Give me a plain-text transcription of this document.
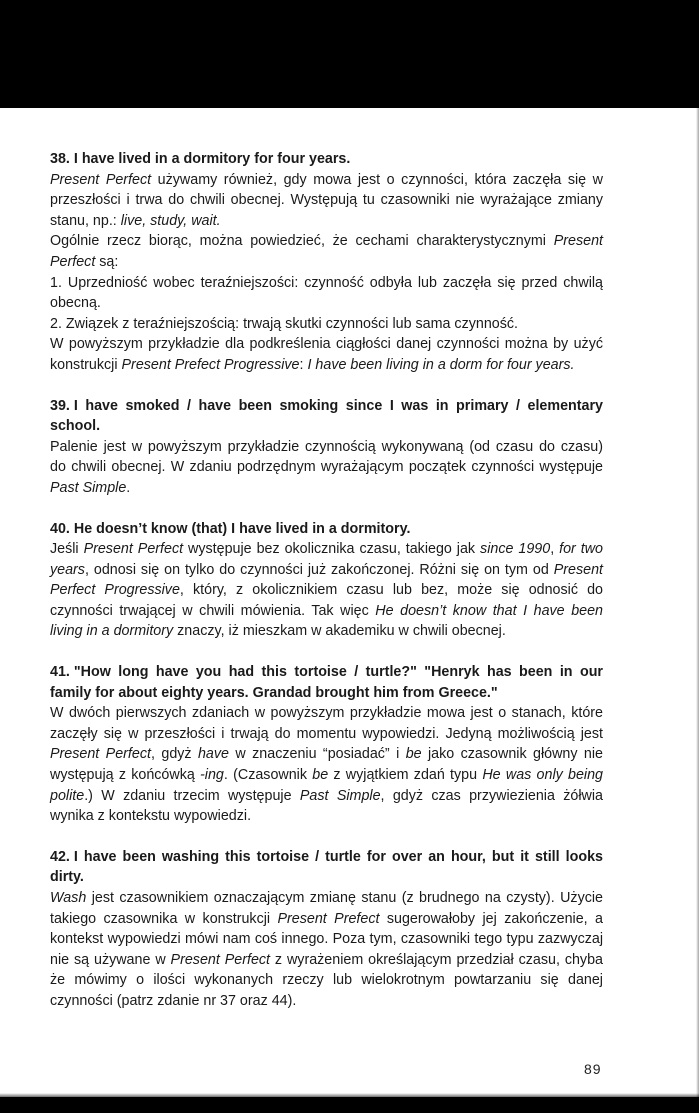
38. I have lived in a dormitory for four years.
Present Perfect używamy również, gdy mowa jest o czynności, która zaczęła się w przeszłości i trwa do chwili obecnej. Występują tu czasowniki nie wyrażające zmiany stanu, np.: live, study, wait.
Ogólnie rzecz biorąc, można powiedzieć, że cechami charakterystycznymi Present Perfect są:
1. Uprzedniość wobec teraźniejszości: czynność odbyła lub zaczęła się przed chwilą obecną.
2. Związek z teraźniejszością: trwają skutki czynności lub sama czynność.
W powyższym przykładzie dla podkreślenia ciągłości danej czynności można by użyć konstrukcji Present Prefect Progressive: I have been living in a dorm for four years.
39. I have smoked / have been smoking since I was in primary / elementary school.
Palenie jest w powyższym przykładzie czynnością wykonywaną (od czasu do czasu) do chwili obecnej. W zdaniu podrzędnym wyrażającym początek czynności występuje Past Simple.
40. He doesn’t know (that) I have lived in a dormitory.
Jeśli Present Perfect występuje bez okolicznika czasu, takiego jak since 1990, for two years, odnosi się on tylko do czynności już zakończonej. Różni się on tym od Present Perfect Progressive, który, z okolicznikiem czasu lub bez, może się odnosić do czynności trwającej w chwili mówienia. Tak więc He doesn’t know that I have been living in a dormitory znaczy, iż mieszkam w akademiku w chwili obecnej.
41. "How long have you had this tortoise / turtle?" "Henryk has been in our family for about eighty years. Grandad brought him from Greece."
W dwóch pierwszych zdaniach w powyższym przykładzie mowa jest o stanach, które zaczęły się w przeszłości i trwają do momentu wypowiedzi. Jedyną możliwością jest Present Perfect, gdyż have w znaczeniu “posiadać” i be jako czasownik główny nie występują z końcówką -ing. (Czasownik be z wyjątkiem zdań typu He was only being polite.) W zdaniu trzecim występuje Past Simple, gdyż czas przywiezienia żółwia wynika z kontekstu wypowiedzi.
42. I have been washing this tortoise / turtle for over an hour, but it still looks dirty.
Wash jest czasownikiem oznaczającym zmianę stanu (z brudnego na czysty). Użycie takiego czasownika w konstrukcji Present Prefect sugerowałoby jej zakończenie, a kontekst wypowiedzi mówi nam coś innego. Poza tym, czasowniki tego typu zazwyczaj nie są używane w Present Perfect z wyrażeniem określającym przedział czasu, chyba że mówimy o ilości wykonanych rzeczy lub wielokrotnym powtarzaniu się danej czynności (patrz zdanie nr 37 oraz 44).
89
